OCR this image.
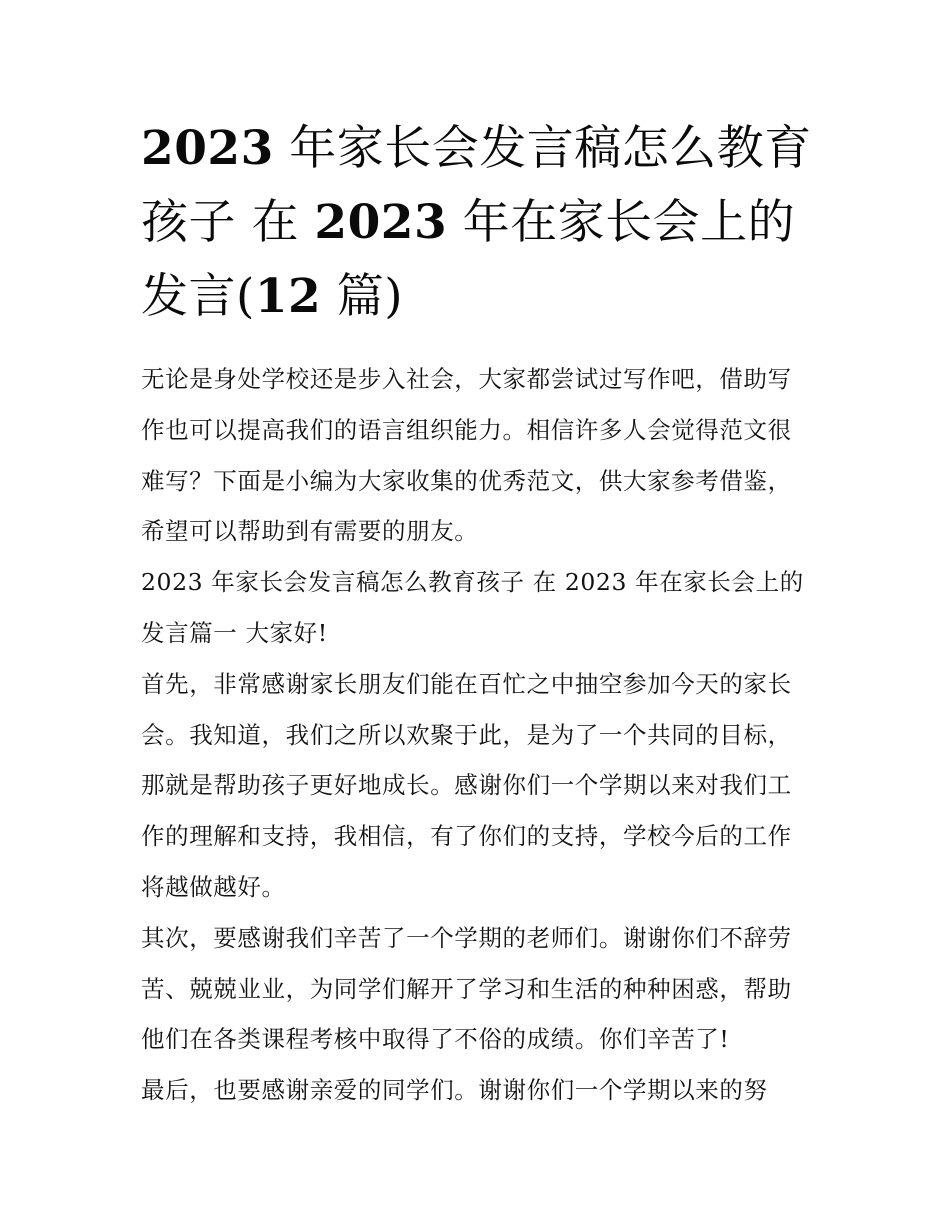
2023 年家长会发言稿怎么教育孩子 在 2023 年在家长会上的发言(12 篇)

无论是身处学校还是步入社会，大家都尝试过写作吧，借助写作也可以提高我们的语言组织能力。相信许多人会觉得范文很难写？下面是小编为大家收集的优秀范文，供大家参考借鉴，希望可以帮助到有需要的朋友。

2023 年家长会发言稿怎么教育孩子 在 2023 年在家长会上的发言篇一 大家好!

首先，非常感谢家长朋友们能在百忙之中抽空参加今天的家长会。我知道，我们之所以欢聚于此，是为了一个共同的目标，那就是帮助孩子更好地成长。感谢你们一个学期以来对我们工作的理解和支持，我相信，有了你们的支持，学校今后的工作将越做越好。

其次，要感谢我们辛苦了一个学期的老师们。谢谢你们不辞劳苦、兢兢业业，为同学们解开了学习和生活的种种困惑，帮助他们在各类课程考核中取得了不俗的成绩。你们辛苦了!

最后，也要感谢亲爱的同学们。谢谢你们一个学期以来的努
